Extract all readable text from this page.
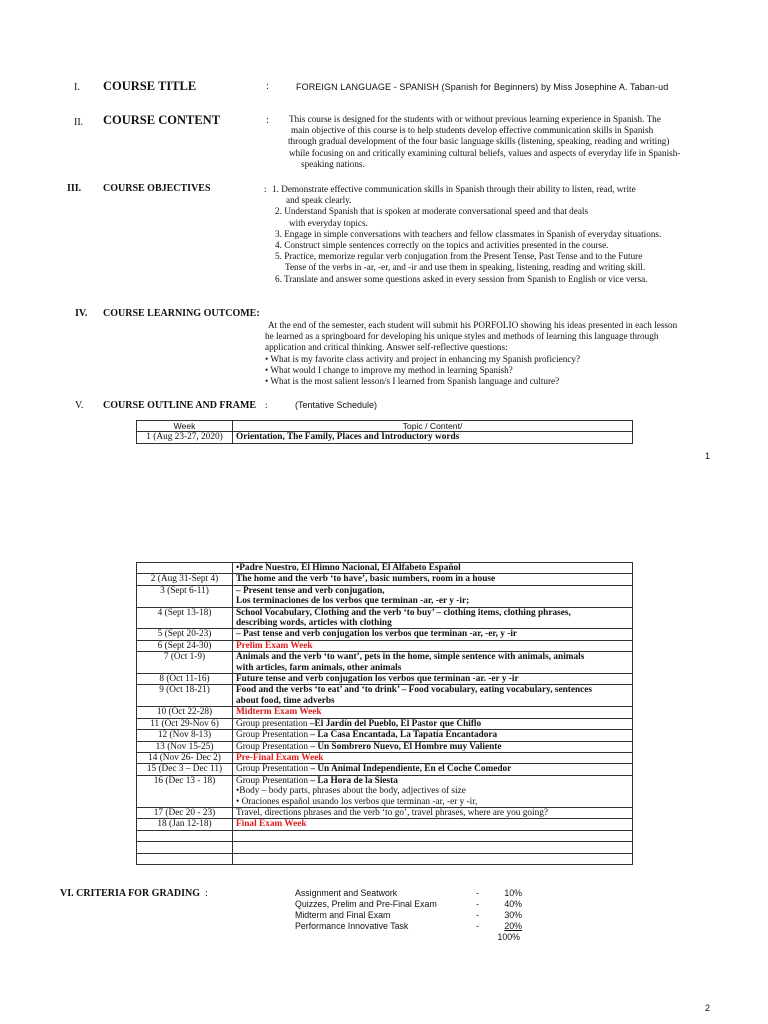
I. COURSE TITLE	:	FOREIGN LANGUAGE - SPANISH (Spanish for Beginners) by Miss Josephine A. Taban-ud
II. COURSE CONTENT	: This course is designed for the students with or without previous learning experience in Spanish. The
main objective of this course is to help students develop effective communication skills in Spanish
through gradual development of the four basic language skills (listening, speaking, reading and writing)
while focusing on and critically examining cultural beliefs, values and aspects of everyday life in Spanish-
speaking nations.
III. COURSE OBJECTIVES	: 1. Demonstrate effective communication skills in Spanish through their ability to listen, read, write
and speak clearly.
2. Understand Spanish that is spoken at moderate conversational speed and that deals
with everyday topics.
3. Engage in simple conversations with teachers and fellow classmates in Spanish of everyday situations.
4. Construct simple sentences correctly on the topics and activities presented in the course.
5. Practice, memorize regular verb conjugation from the Present Tense, Past Tense and to the Future
Tense of the verbs in -ar, -er, and -ir and use them in speaking, listening, reading and writing skill.
6. Translate and answer some questions asked in every session from Spanish to English or vice versa.
IV. COURSE LEARNING OUTCOME:
At the end of the semester, each student will submit his PORFOLIO showing his ideas presented in each lesson
he learned as a springboard for developing his unique styles and methods of learning this language through
application and critical thinking. Answer self-reflective questions:
• What is my favorite class activity and project in enhancing my Spanish proficiency?
• What would I change to improve my method in learning Spanish?
• What is the most salient lesson/s I learned from Spanish language and culture?
V. COURSE OUTLINE AND FRAME :	(Tentative Schedule)
Week	Topic / Content/
1 (Aug 23-27, 2020)	Orientation, The Family, Places and Introductory words
1

	•Padre Nuestro, El Himno Nacional, El Alfabeto Español

2 (Aug 31-Sept 4)	The home and the verb ‘to have’, basic numbers, room in a house

3 (Sept 6-11)	– Present tense and verb conjugation,
Los terminaciones de los verbos que terminan -ar, -er y -ir;

4 (Sept 13-18)	School Vocabulary, Clothing and the verb ‘to buy’ – clothing items, clothing phrases,
describing words, articles with clothing

5 (Sept 20-23)	– Past tense and verb conjugation los verbos que terminan -ar, -er, y -ir

6 (Sept 24-30)	Prelim Exam Week

7 (Oct 1-9)	Animals and the verb ‘to want’, pets in the home, simple sentence with animals, animals
with articles, farm animals, other animals

8 (Oct 11-16)	Future tense and verb conjugation los verbos que terminan -ar. -er y -ir

9 (Oct 18-21)	Food and the verbs ‘to eat’ and ‘to drink’ – Food vocabulary, eating vocabulary, sentences
about food, time adverbs

10 (Oct 22-28)	Midterm Exam Week

11 (Oct 29-Nov 6)	Group presentation –El Jardín del Pueblo, El Pastor que Chiflo

12 (Nov 8-13)	Group Presentation – La Casa Encantada, La Tapatía Encantadora

13 (Nov 15-25)	Group Presentation – Un Sombrero Nuevo, El Hombre muy Valiente

14 (Nov 26- Dec 2)	Pre-Final Exam Week

15 (Dec 3 – Dec 11)	Group Presentation – Un Animal Independiente, En el Coche Comedor

16 (Dec 13 - 18)	Group Presentation – La Hora de la Siesta
•Body – body parts, phrases about the body, adjectives of size
• Oraciones español usando los verbos que terminan -ar, -er y -ir,

17 (Dec 20 - 23)	Travel, directions phrases and the verb ‘to go’, travel phrases, where are you going?

18 (Jan 12-18)	Final Exam Week

VI. CRITERIA FOR GRADING :	Assignment and Seatwork	-	10%
Quizzes, Prelim and Pre-Final Exam	-	40%
Midterm and Final Exam	-	30%
Performance Innovative Task	-	20%
100%
2
